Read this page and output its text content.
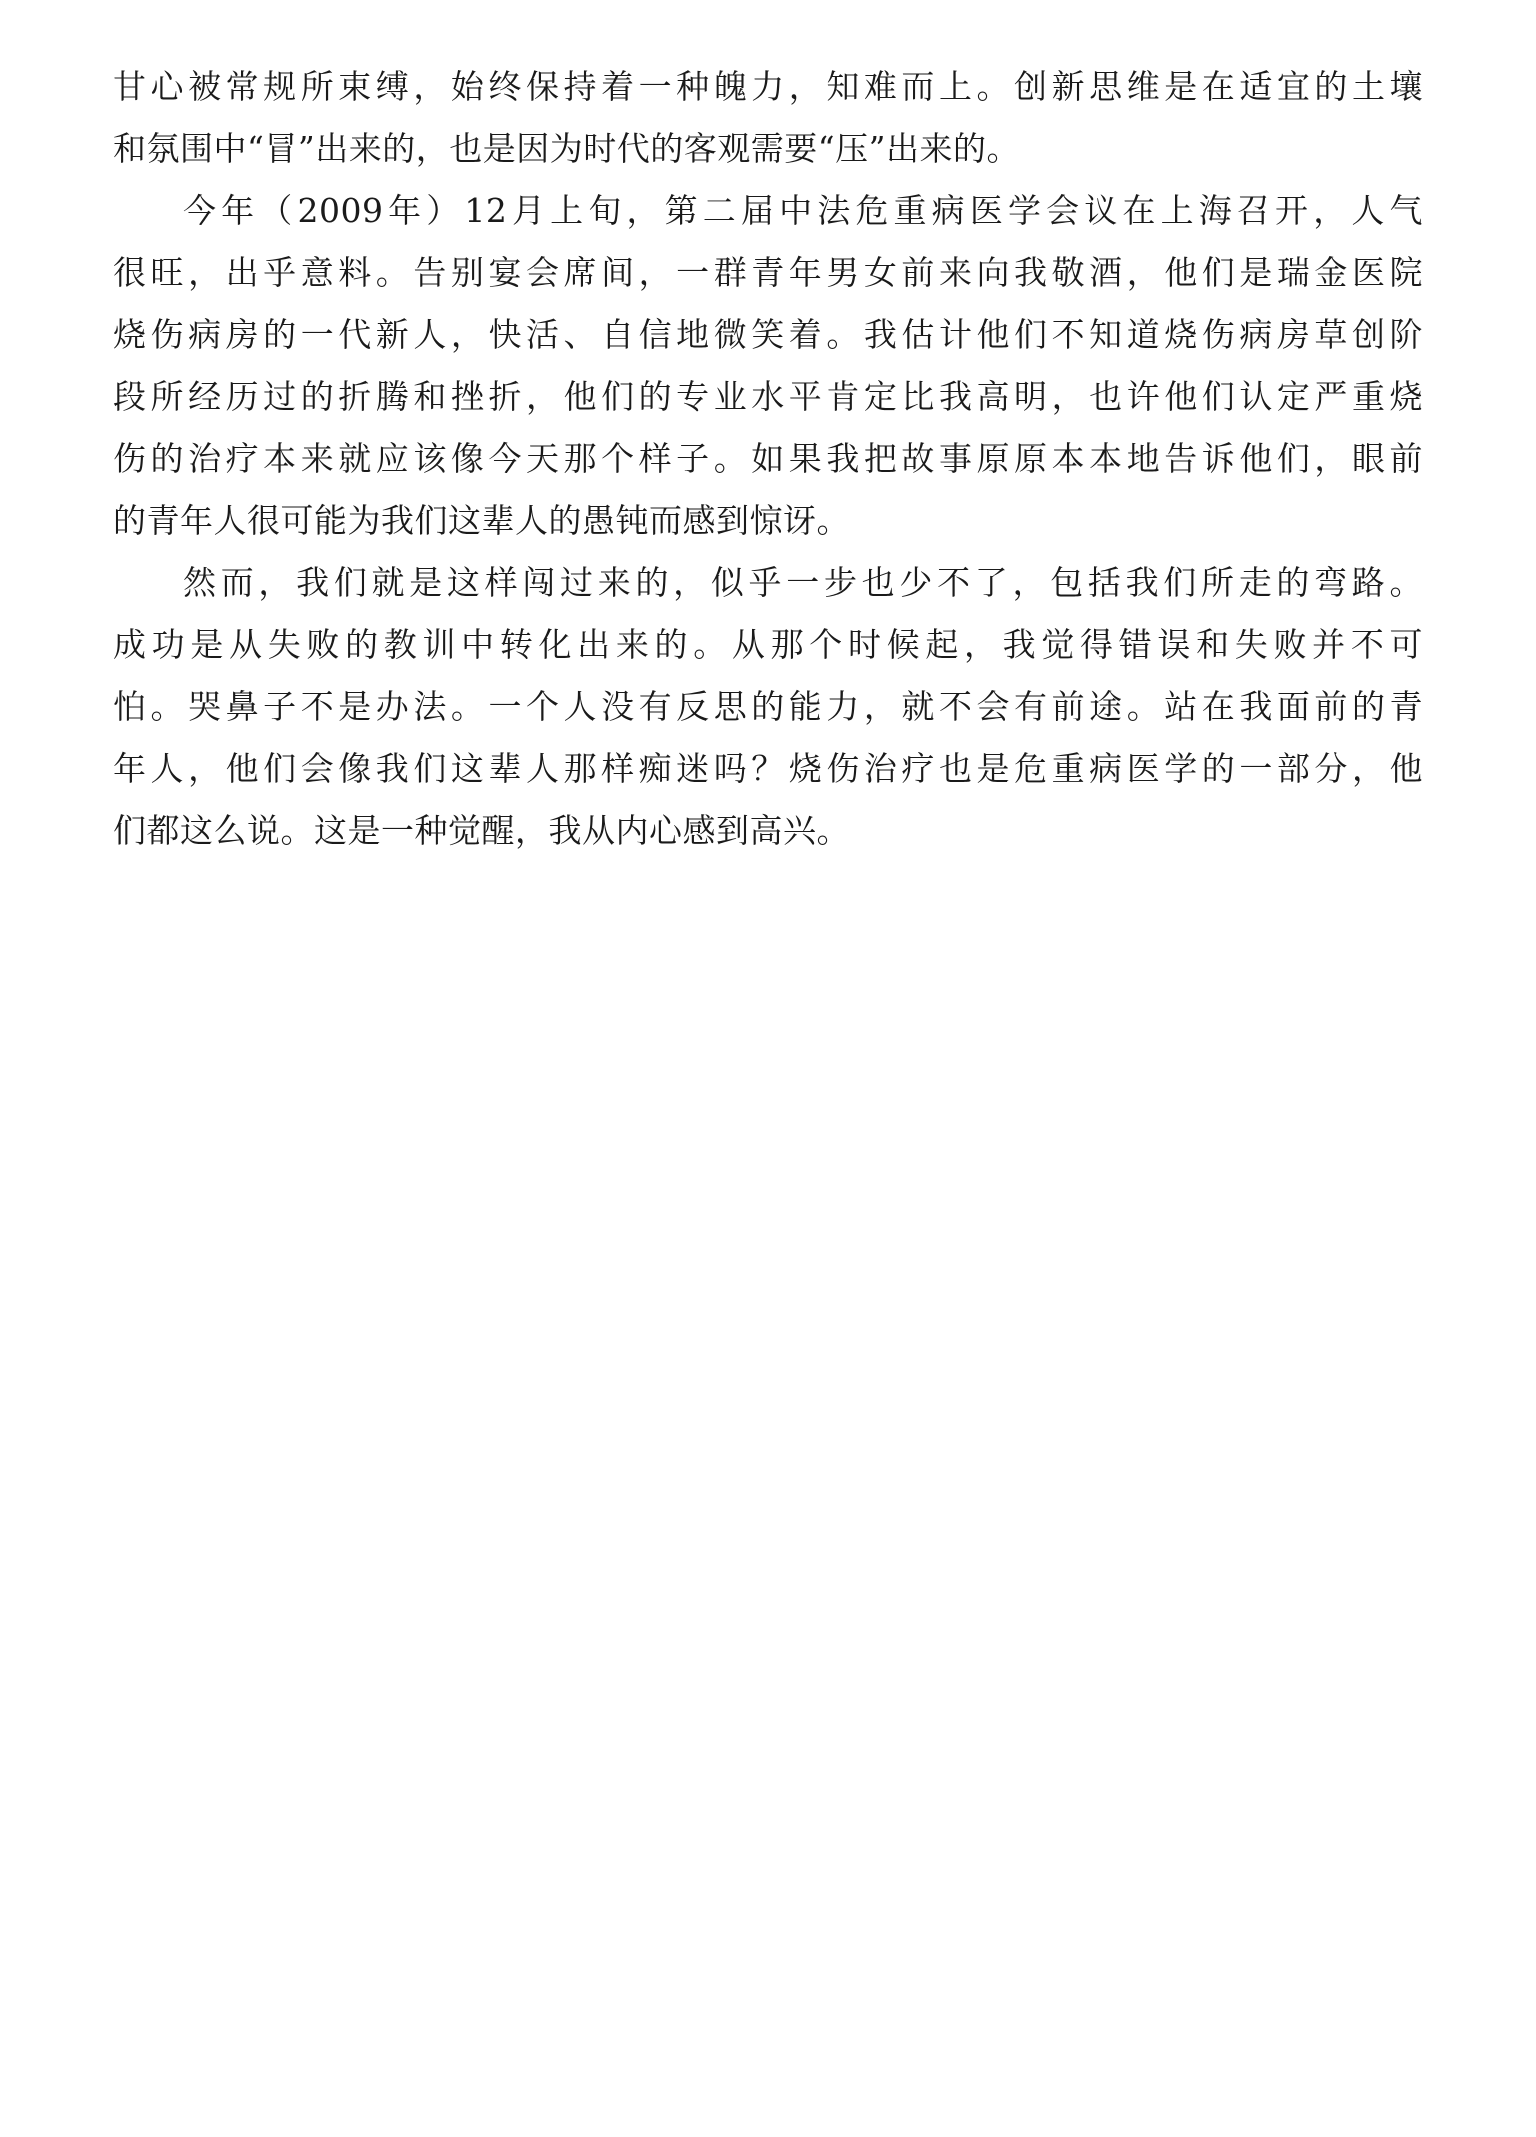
甘心被常规所束缚，始终保持着一种魄力，知难而上。创新思维是在适宜的土壤
和氛围中“冒”出来的，也是因为时代的客观需要“压”出来的。
今年（2009年）12月上旬，第二届中法危重病医学会议在上海召开，人气
很旺，出乎意料。告别宴会席间，一群青年男女前来向我敬酒，他们是瑞金医院
烧伤病房的一代新人，快活、自信地微笑着。我估计他们不知道烧伤病房草创阶
段所经历过的折腾和挫折，他们的专业水平肯定比我高明，也许他们认定严重烧
伤的治疗本来就应该像今天那个样子。如果我把故事原原本本地告诉他们，眼前
的青年人很可能为我们这辈人的愚钝而感到惊讶。
然而，我们就是这样闯过来的，似乎一步也少不了，包括我们所走的弯路。
成功是从失败的教训中转化出来的。从那个时候起，我觉得错误和失败并不可
怕。哭鼻子不是办法。一个人没有反思的能力，就不会有前途。站在我面前的青
年人，他们会像我们这辈人那样痴迷吗？烧伤治疗也是危重病医学的一部分，他
们都这么说。这是一种觉醒，我从内心感到高兴。
